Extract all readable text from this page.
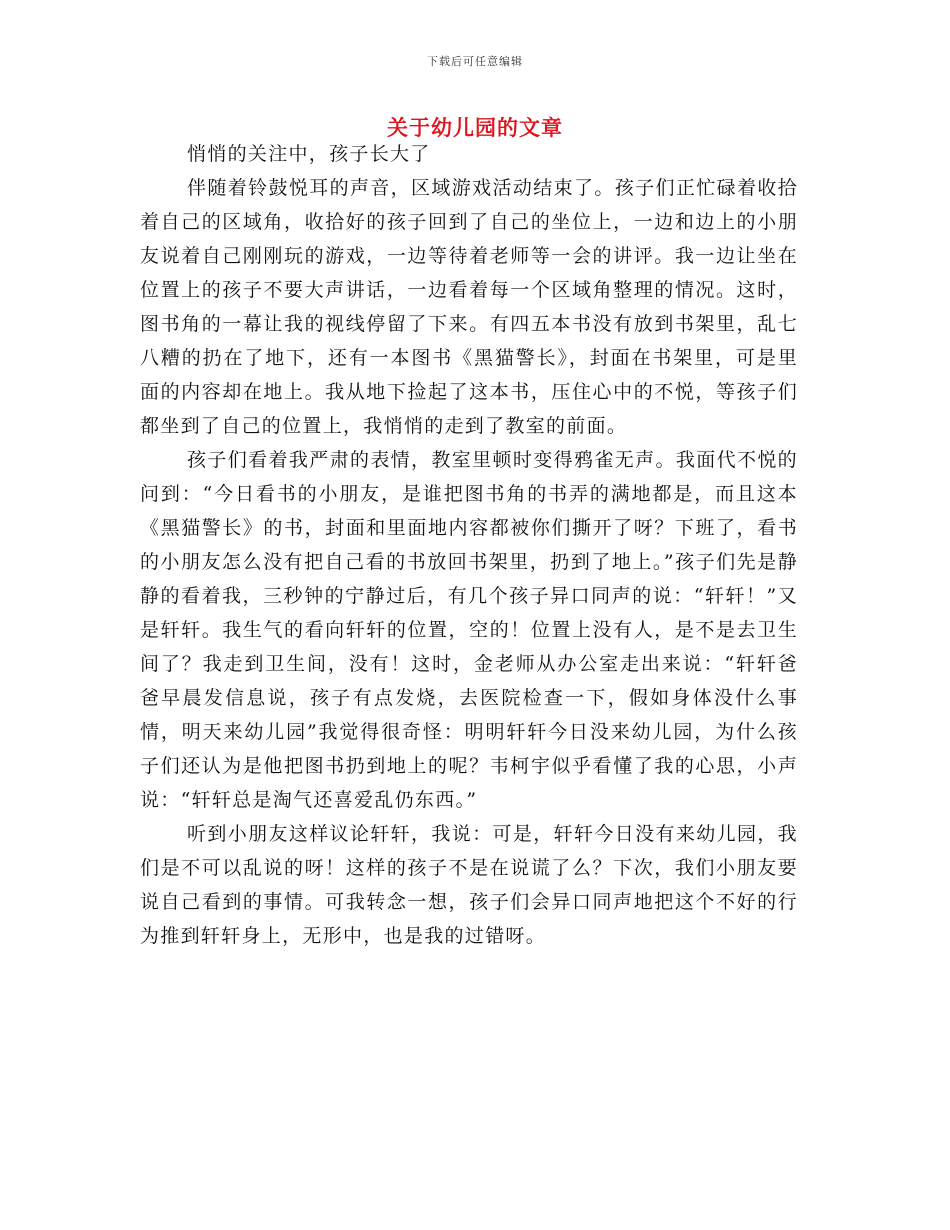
下载后可任意编辑
关于幼儿园的文章

悄悄的关注中，孩子长大了

伴随着铃鼓悦耳的声音，区域游戏活动结束了。孩子们正忙碌着收拾着自己的区域角，收拾好的孩子回到了自己的坐位上，一边和边上的小朋友说着自己刚刚玩的游戏，一边等待着老师等一会的讲评。我一边让坐在位置上的孩子不要大声讲话，一边看着每一个区域角整理的情况。这时，图书角的一幕让我的视线停留了下来。有四五本书没有放到书架里，乱七八糟的扔在了地下，还有一本图书《黑猫警长》，封面在书架里，可是里面的内容却在地上。我从地下捡起了这本书，压住心中的不悦，等孩子们都坐到了自己的位置上，我悄悄的走到了教室的前面。

孩子们看着我严肃的表情，教室里顿时变得鸦雀无声。我面代不悦的问到：“今日看书的小朋友，是谁把图书角的书弄的满地都是，而且这本《黑猫警长》的书，封面和里面地内容都被你们撕开了呀？下班了，看书的小朋友怎么没有把自己看的书放回书架里，扔到了地上。”孩子们先是静静的看着我，三秒钟的宁静过后，有几个孩子异口同声的说：“轩轩！”又是轩轩。我生气的看向轩轩的位置，空的！位置上没有人，是不是去卫生间了？我走到卫生间，没有！这时，金老师从办公室走出来说：“轩轩爸爸早晨发信息说，孩子有点发烧，去医院检查一下，假如身体没什么事情，明天来幼儿园”我觉得很奇怪：明明轩轩今日没来幼儿园，为什么孩子们还认为是他把图书扔到地上的呢？韦柯宇似乎看懂了我的心思，小声说：“轩轩总是淘气还喜爱乱仍东西。”

听到小朋友这样议论轩轩，我说：可是，轩轩今日没有来幼儿园，我们是不可以乱说的呀！这样的孩子不是在说谎了么？下次，我们小朋友要说自己看到的事情。可我转念一想，孩子们会异口同声地把这个不好的行为推到轩轩身上，无形中，也是我的过错呀。
